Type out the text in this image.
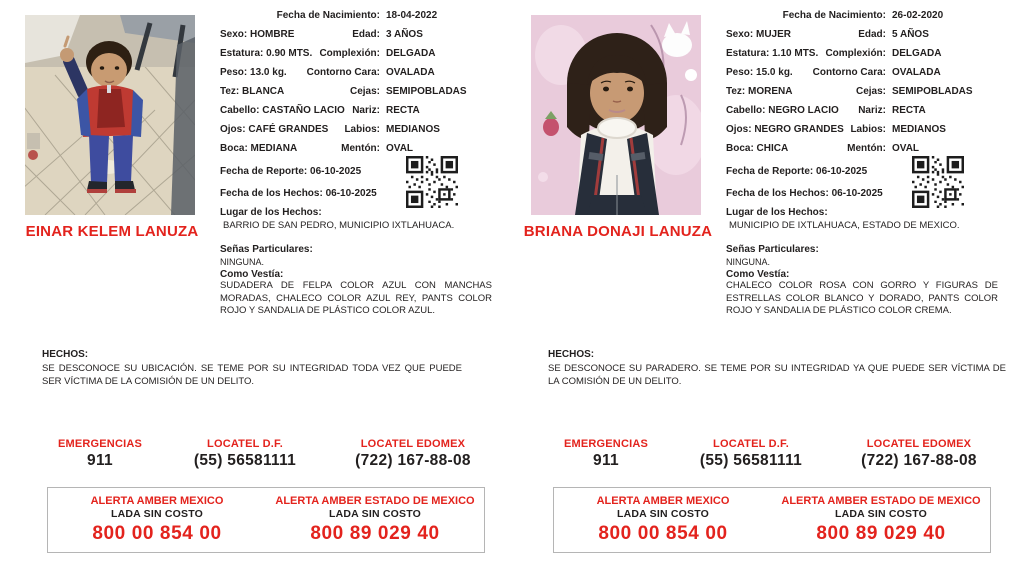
EINAR KELEM LANUZA
Fecha de Nacimiento: 18-04-2022
Sexo: HOMBRE	Edad: 3 AÑOS
Estatura: 0.90 MTS. Complexión: DELGADA
Peso: 13.0 kg.	Contorno Cara: OVALADA
Tez: BLANCA	Cejas: SEMIPOBLADAS
Cabello: CASTAÑO LACIO Nariz: RECTA
Ojos: CAFÉ GRANDES	Labios: MEDIANOS
Boca: MEDIANA	Mentón: OVAL
Fecha de Reporte: 06-10-2025
Fecha de los Hechos: 06-10-2025
Lugar de los Hechos:
BARRIO DE SAN PEDRO, MUNICIPIO IXTLAHUACA.
Señas Particulares:
NINGUNA.
Como Vestía:
SUDADERA DE FELPA COLOR AZUL CON MANCHAS MORADAS, CHALECO COLOR AZUL REY, PANTS COLOR ROJO Y SANDALIA DE PLÁSTICO COLOR AZUL.
HECHOS:
SE DESCONOCE SU UBICACIÓN. SE TEME POR SU INTEGRIDAD TODA VEZ QUE PUEDE SER VÍCTIMA DE LA COMISIÓN DE UN DELITO.
EMERGENCIAS
911
LOCATEL D.F.
(55) 56581111
LOCATEL EDOMEX
(722) 167-88-08
ALERTA AMBER MEXICO
LADA SIN COSTO
800 00 854 00
ALERTA AMBER ESTADO DE MEXICO
LADA SIN COSTO
800 89 029 40
BRIANA DONAJI LANUZA
Fecha de Nacimiento: 26-02-2020
Sexo: MUJER	Edad: 5 AÑOS
Estatura: 1.10 MTS. Complexión: DELGADA
Peso: 15.0 kg.	Contorno Cara: OVALADA
Tez: MORENA	Cejas: SEMIPOBLADAS
Cabello: NEGRO LACIO	Nariz: RECTA
Ojos: NEGRO GRANDES Labios: MEDIANOS
Boca: CHICA	Mentón: OVAL
Fecha de Reporte: 06-10-2025
Fecha de los Hechos: 06-10-2025
Lugar de los Hechos:
MUNICIPIO DE IXTLAHUACA, ESTADO DE MEXICO.
Señas Particulares:
NINGUNA.
Como Vestía:
CHALECO COLOR ROSA CON GORRO Y FIGURAS DE ESTRELLAS COLOR BLANCO Y DORADO, PANTS COLOR ROJO Y SANDALIA DE PLÁSTICO COLOR CREMA.
HECHOS:
SE DESCONOCE SU PARADERO. SE TEME POR SU INTEGRIDAD YA QUE PUEDE SER VÍCTIMA DE LA COMISIÓN DE UN DELITO.
EMERGENCIAS
911
LOCATEL D.F.
(55) 56581111
LOCATEL EDOMEX
(722) 167-88-08
ALERTA AMBER MEXICO
LADA SIN COSTO
800 00 854 00
ALERTA AMBER ESTADO DE MEXICO
LADA SIN COSTO
800 89 029 40
